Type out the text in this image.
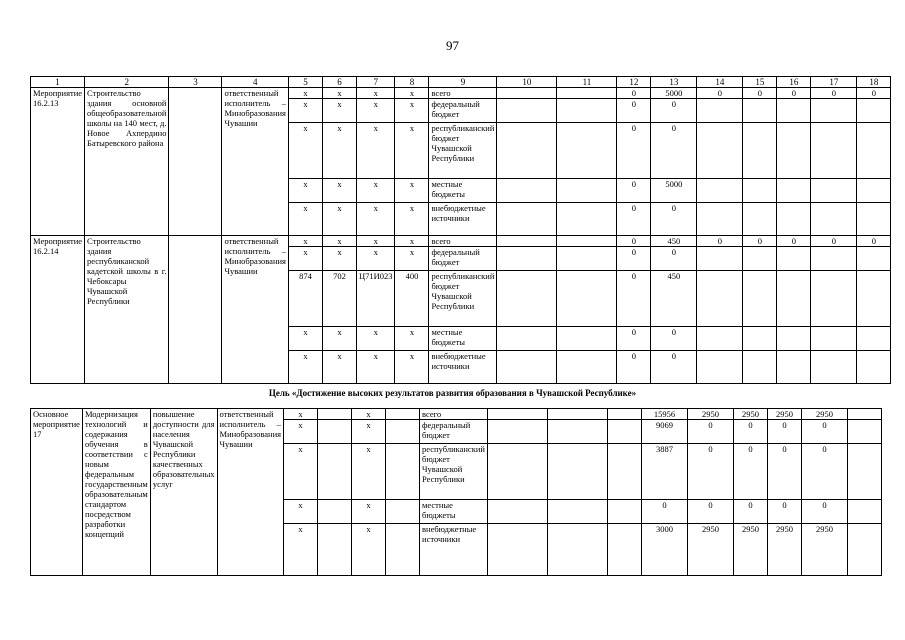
97
1	2	3	4	5	6	7	8	9	10	11	12	13	14	15	16	17	18
Мероприятие 16.2.13	Строительство здания основной общеобразовательной школы на 140 мест, д. Новое Ахпердино Батыревского района		ответственный исполнитель – Минобразования Чувашии	х	х	х	х	всего			0	5000	0	0	0	0	0
				х	х	х	х	федеральный бюджет			0	0					
				х	х	х	х	республиканский бюджет Чувашской Республики			0	0					
				х	х	х	х	местные бюджеты			0	5000					
				х	х	х	х	внебюджетные источники			0	0					
Мероприятие 16.2.14	Строительство здания республиканской кадетской школы в г. Чебоксары Чувашской Республики		ответственный исполнитель – Минобразования Чувашии	х	х	х	х	всего			0	450	0	0	0	0	0
				х	х	х	х	федеральный бюджет			0	0					
				874	702	Ц71И023	400	республиканский бюджет Чувашской Республики			0	450					
				х	х	х	х	местные бюджеты			0	0					
				х	х	х	х	внебюджетные источники			0	0					
Цель «Достижение высоких результатов развития образования в Чувашской Республике»
Основное мероприятие 17	Модернизация технологий и содержания обучения в соответствии с новым федеральным государственным образовательным стандартом посредством разработки концепций	повышение доступности для населения Чувашской Республики качественных образовательных услуг	ответственный исполнитель – Минобразования Чувашии	х		х		всего				15956	2950	2950	2950	2950	
				х		х		федеральный бюджет				9069	0	0	0	0	
				х		х		республиканский бюджет Чувашской Республики				3887	0	0	0	0	
				х		х		местные бюджеты				0	0	0	0	0	
				х		х		внебюджетные источники				3000	2950	2950	2950	2950	
